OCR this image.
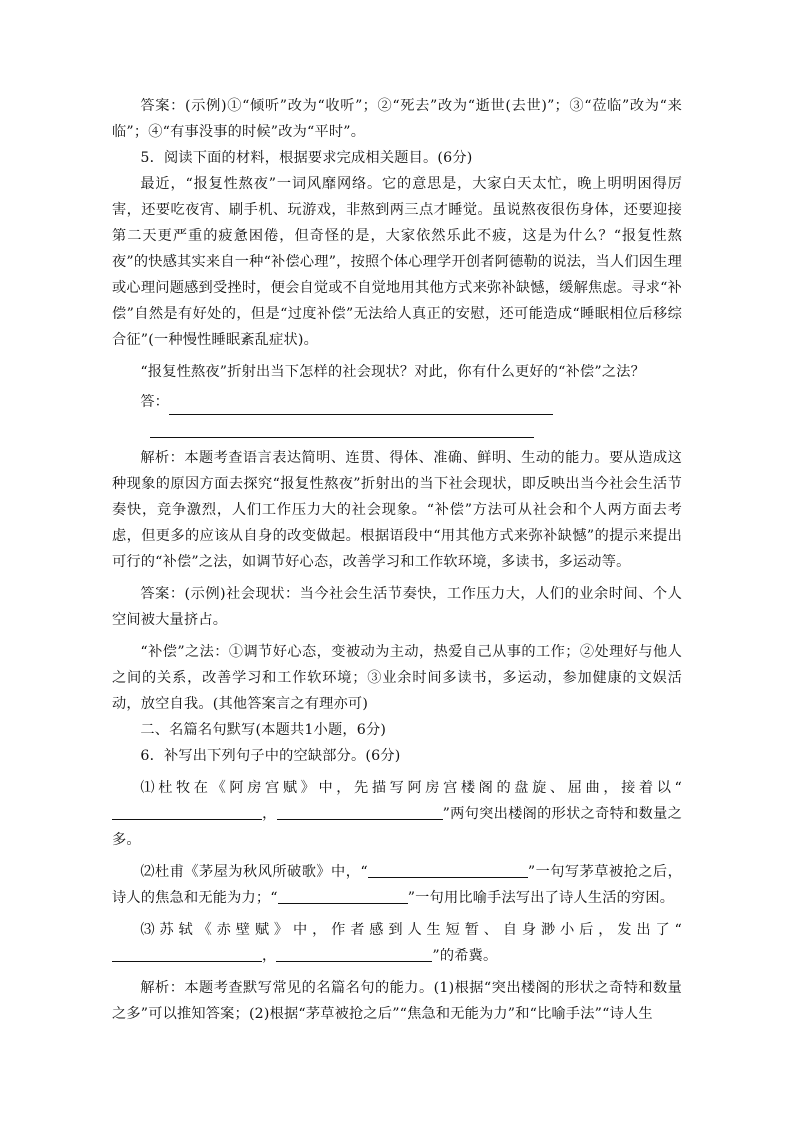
答案：(示例)①“倾听”改为“收听”；②“死去”改为“逝世(去世)”；③“莅临”改为“来临”；④“有事没事的时候”改为“平时”。

5．阅读下面的材料，根据要求完成相关题目。(6分)

最近，“报复性熬夜”一词风靡网络。它的意思是，大家白天太忙，晚上明明困得厉害，还要吃夜宵、刷手机、玩游戏，非熬到两三点才睡觉。虽说熬夜很伤身体，还要迎接第二天更严重的疲惫困倦，但奇怪的是，大家依然乐此不疲，这是为什么？“报复性熬夜”的快感其实来自一种“补偿心理”，按照个体心理学开创者阿德勒的说法，当人们因生理或心理问题感到受挫时，便会自觉或不自觉地用其他方式来弥补缺憾，缓解焦虑。寻求“补偿”自然是有好处的，但是“过度补偿”无法给人真正的安慰，还可能造成“睡眠相位后移综合征”(一种慢性睡眠紊乱症状)。

“报复性熬夜”折射出当下怎样的社会现状？对此，你有什么更好的“补偿”之法？

答：

解析：本题考查语言表达简明、连贯、得体、准确、鲜明、生动的能力。要从造成这种现象的原因方面去探究“报复性熬夜”折射出的当下社会现状，即反映出当今社会生活节奏快，竞争激烈，人们工作压力大的社会现象。“补偿”方法可从社会和个人两方面去考虑，但更多的应该从自身的改变做起。根据语段中“用其他方式来弥补缺憾”的提示来提出可行的“补偿”之法，如调节好心态，改善学习和工作软环境，多读书，多运动等。

答案：(示例)社会现状：当今社会生活节奏快，工作压力大，人们的业余时间、个人空间被大量挤占。

“补偿”之法：①调节好心态，变被动为主动，热爱自己从事的工作；②处理好与他人之间的关系，改善学习和工作软环境；③业余时间多读书，多运动，参加健康的文娱活动，放空自我。(其他答案言之有理亦可)

二、名篇名句默写(本题共1小题，6分)

6．补写出下列句子中的空缺部分。(6分)

⑴杜牧在《阿房宫赋》中，先描写阿房宫楼阁的盘旋、屈曲，接着以“，	”两句突出楼阁的形状之奇特和数量之多。

⑵杜甫《茅屋为秋风所破歌》中，“	”一句写茅草被抢之后，诗人的焦急和无能为力；“	”一句用比喻手法写出了诗人生活的穷困。

⑶苏轼《赤壁赋》中，作者感到人生短暂、自身渺小后，发出了“，	”的希冀。

解析：本题考查默写常见的名篇名句的能力。(1)根据“突出楼阁的形状之奇特和数量之多”可以推知答案；(2)根据“茅草被抢之后”“焦急和无能为力”和“比喻手法”“诗人生
